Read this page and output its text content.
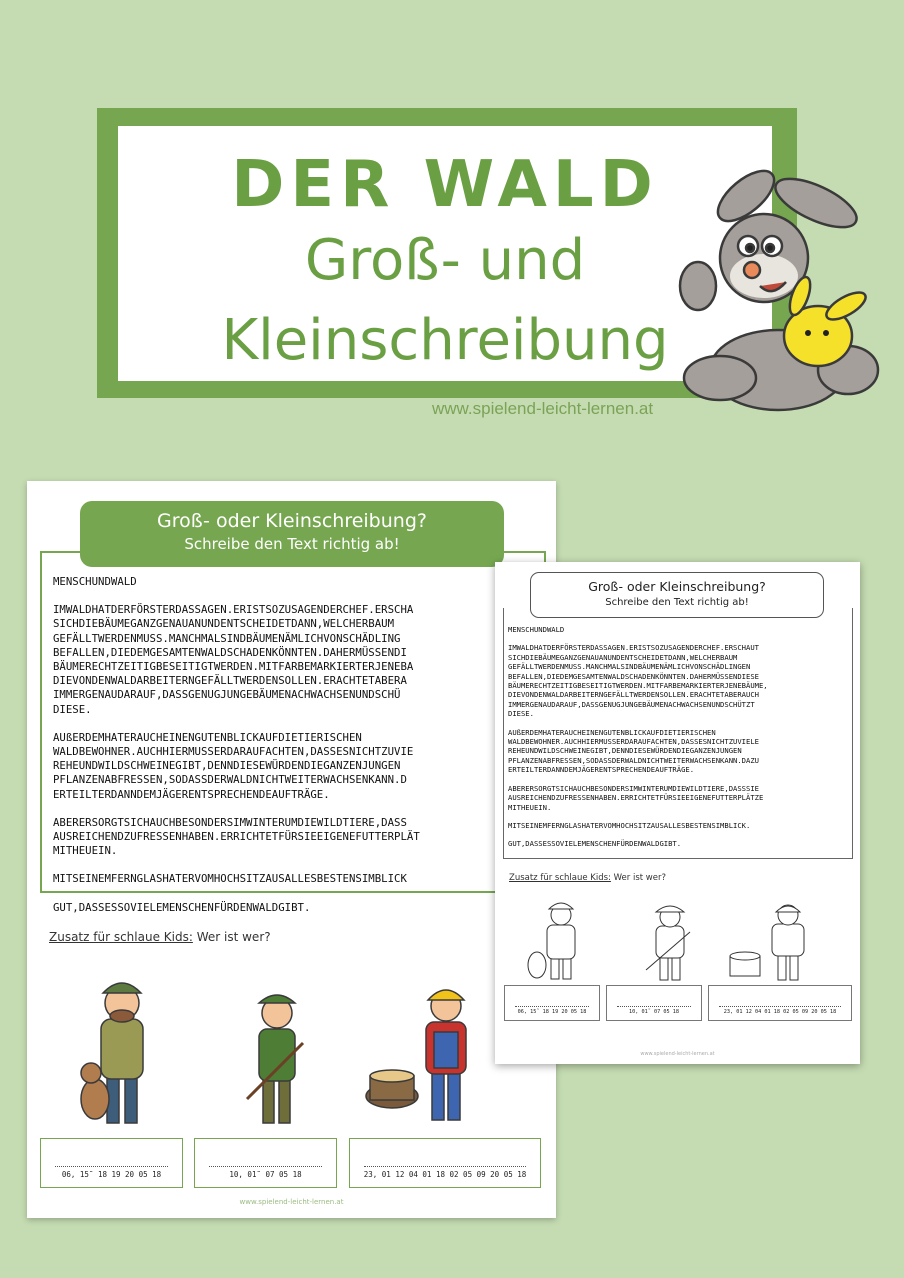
DER WALD
Groß- und
Kleinschreibung
www.spielend-leicht-lernen.at

MENSCHUNDWALD

IMWALDHATDERFÖRSTERDASSAGEN.ERISTSOZUSAGENDERCHEF.ERSCHA
SICHDIEBÄUMEGANZGENAUANUNDENTSCHEIDETDANN,WELCHERBAUM
GEFÄLLTWERDENMUSS.MANCHMALSINDBÄUMENÄMLICHVONSCHÄDLING
BEFALLEN,DIEDEMGESAMTENWALDSCHADENKÖNNTEN.DAHERMÜSSENDI
BÄUMERECHTZEITIGBESEITIGTWERDEN.MITFARBEMARKIERTERJENEBA
DIEVONDENWALDARBEITERNGEFÄLLTWERDENSOLLEN.ERACHTETABERA
IMMERGENAUDARAUF,DASSGENUGJUNGEBÄUMENACHWACHSENUNDSCHÜ
DIESE.

AUßERDEMHATERAUCHEINENGUTENBLICKAUFDIETIERISCHEN
WALDBEWOHNER.AUCHHIERMUSSERDARAUFACHTEN,DASSESNICHTZUVIE
REHEUNDWILDSCHWEINEGIBT,DENNDIESEWÜRDENDIEGANZENJUNGEN
PFLANZENABFRESSEN,SODASSDERWALDNICHTWEITERWACHSENKANN.D
ERTEILTERDANNDEMJÄGERENTSPRECHENDEAUFTRÄGE.

ABERERSORGTSICHAUCHBESONDERSIMWINTERUMDIEWILDTIERE,DASS
AUSREICHENDZUFRESSENHABEN.ERRICHTETFÜRSIEEIGENEFUTTERPLÄT
MITHEUEIN.

MITSEINEMFERNGLASHATERVOMHOCHSITZAUSALLESBESTENSIMBLICK

GUT,DASSESSOVIELEMENSCHENFÜRDENWALDGIBT.

Groß- oder Kleinschreibung?
Schreibe den Text richtig ab!
Zusatz für schlaue Kids: Wer ist wer?
06, 15˜ 18 19 20 05 18	10, 01˜ 07 05 18	23, 01 12 04 01 18 02 05 09 20 05 18
www.spielend-leicht-lernen.at
Groß- oder Kleinschreibung?
Schreibe den Text richtig ab!

MENSCHUNDWALD

IMWALDHATDERFÖRSTERDASSAGEN.ERISTSOZUSAGENDERCHEF.ERSCHAUT
SICHDIEBÄUMEGANZGENAUANUNDENTSCHEIDETDANN,WELCHERBAUM
GEFÄLLTWERDENMUSS.MANCHMALSINDBÄUMENÄMLICHVONSCHÄDLINGEN
BEFALLEN,DIEDEMGESAMTENWALDSCHADENKÖNNTEN.DAHERMÜSSENDIESE
BÄUMERECHTZEITIGBESEITIGTWERDEN.MITFARBEMARKIERTERJENEBÄUME,
DIEVONDENWALDARBEITERNGEFÄLLTWERDENSOLLEN.ERACHTETABERAUCH
IMMERGENAUDARAUF,DASSGENUGJUNGEBÄUMENACHWACHSENUNDSCHÜTZT
DIESE.

AUßERDEMHATERAUCHEINENGUTENBLICKAUFDIETIERISCHEN
WALDBEWOHNER.AUCHHIERMUSSERDARAUFACHTEN,DASSESNICHTZUVIELE
REHEUNDWILDSCHWEINEGIBT,DENNDIESEWÜRDENDIEGANZENJUNGEN
PFLANZENABFRESSEN,SODASSDERWALDNICHTWEITERWACHSENKANN.DAZU
ERTEILTERDANNDEMJÄGERENTSPRECHENDEAUFTRÄGE.

ABERERSORGTSICHAUCHBESONDERSIMWINTERUMDIEWILDTIERE,DASSSIE
AUSREICHENDZUFRESSENHABEN.ERRICHTETFÜRSIEEIGENEFUTTERPLÄTZE
MITHEUEIN.

MITSEINEMFERNGLASHATERVOMHOCHSITZAUSALLESBESTENSIMBLICK.

GUT,DASSESSOVIELEMENSCHENFÜRDENWALDGIBT.

Zusatz für schlaue Kids: Wer ist wer?
06, 15˜ 18 19 20 05 18	10, 01˜ 07 05 18	23, 01 12 04 01 18 02 05 09 20 05 18
www.spielend-leicht-lernen.at
